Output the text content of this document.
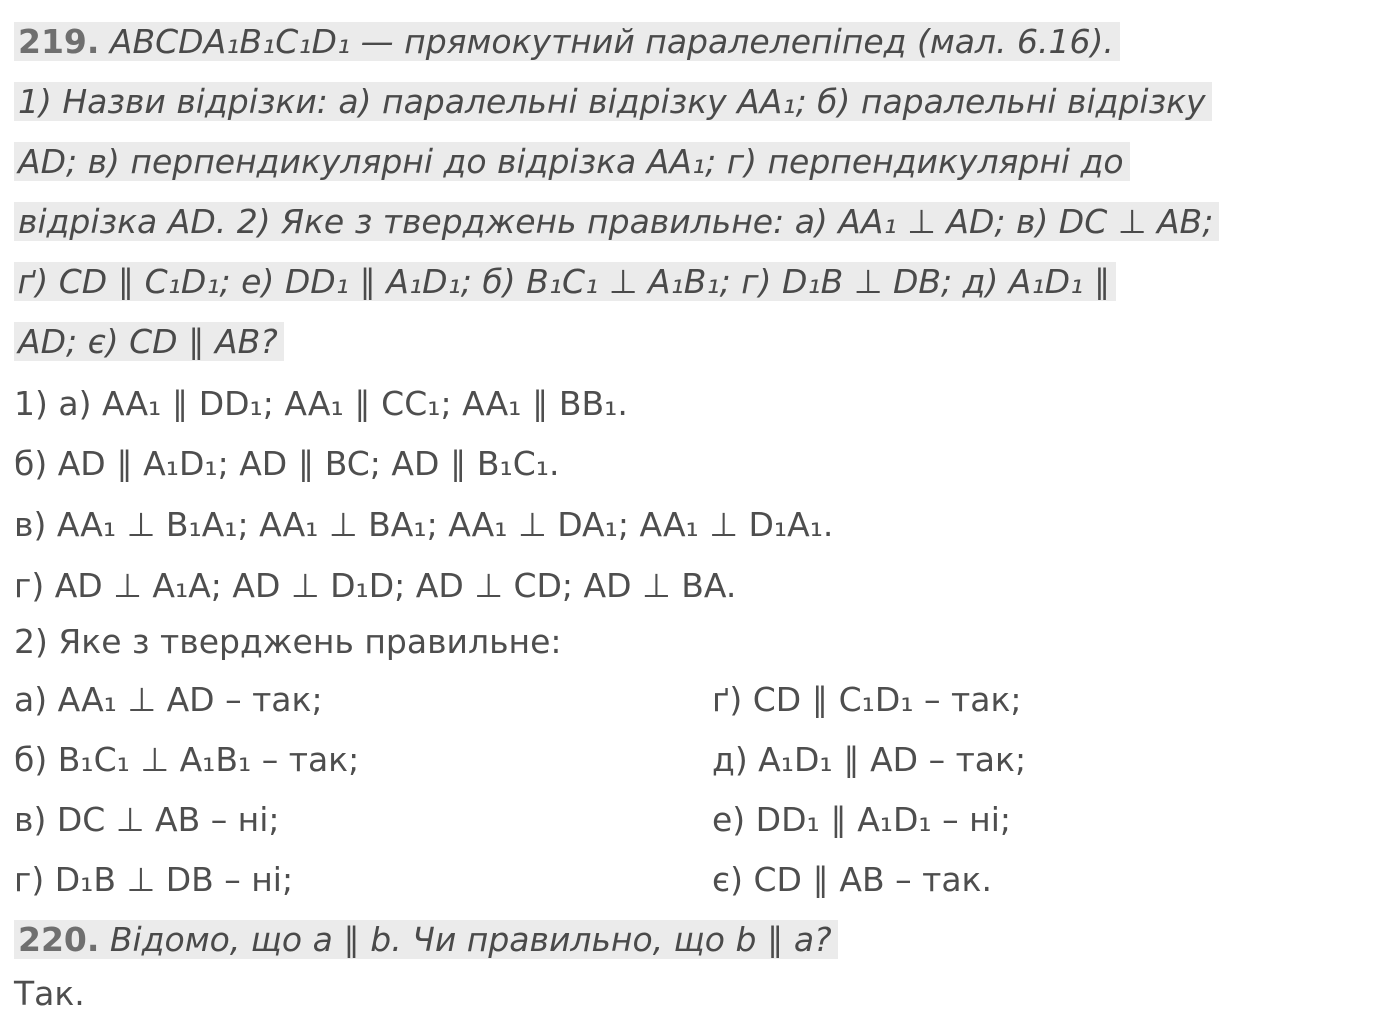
219. ABCDA₁B₁C₁D₁ — прямокутний паралелепіпед (мал. 6.16).
1) Назви відрізки: а) паралельні відрізку AA₁; б) паралельні відрізку
AD; в) перпендикулярні до відрізка AA₁; г) перпендикулярні до
відрізка AD. 2) Яке з тверджень правильне: а) AA₁ ⊥ AD; в) DC ⊥ AB;
ґ) CD ∥ C₁D₁; е) DD₁ ∥ A₁D₁; б) B₁C₁ ⊥ A₁B₁; г) D₁B ⊥ DB; д) A₁D₁ ∥
AD; є) CD ∥ AB?
1) а) AA₁ ∥ DD₁; AA₁ ∥ CC₁; AA₁ ∥ BB₁.
б) AD ∥ A₁D₁; AD ∥ BC; AD ∥ B₁C₁.
в) AA₁ ⊥ B₁A₁; AA₁ ⊥ BA₁; AA₁ ⊥ DA₁; AA₁ ⊥ D₁A₁.
г) AD ⊥ A₁A; AD ⊥ D₁D; AD ⊥ CD; AD ⊥ BA.
2) Яке з тверджень правильне:
а) AA₁ ⊥ AD – так;
б) B₁C₁ ⊥ A₁B₁ – так;
в) DC ⊥ AB – ні;
г) D₁B ⊥ DB – ні;
ґ) CD ∥ C₁D₁ – так;
д) A₁D₁ ∥ AD – так;
е) DD₁ ∥ A₁D₁ – ні;
є) CD ∥ AB – так.
220. Відомо, що a ∥ b. Чи правильно, що b ∥ a?
Так.
